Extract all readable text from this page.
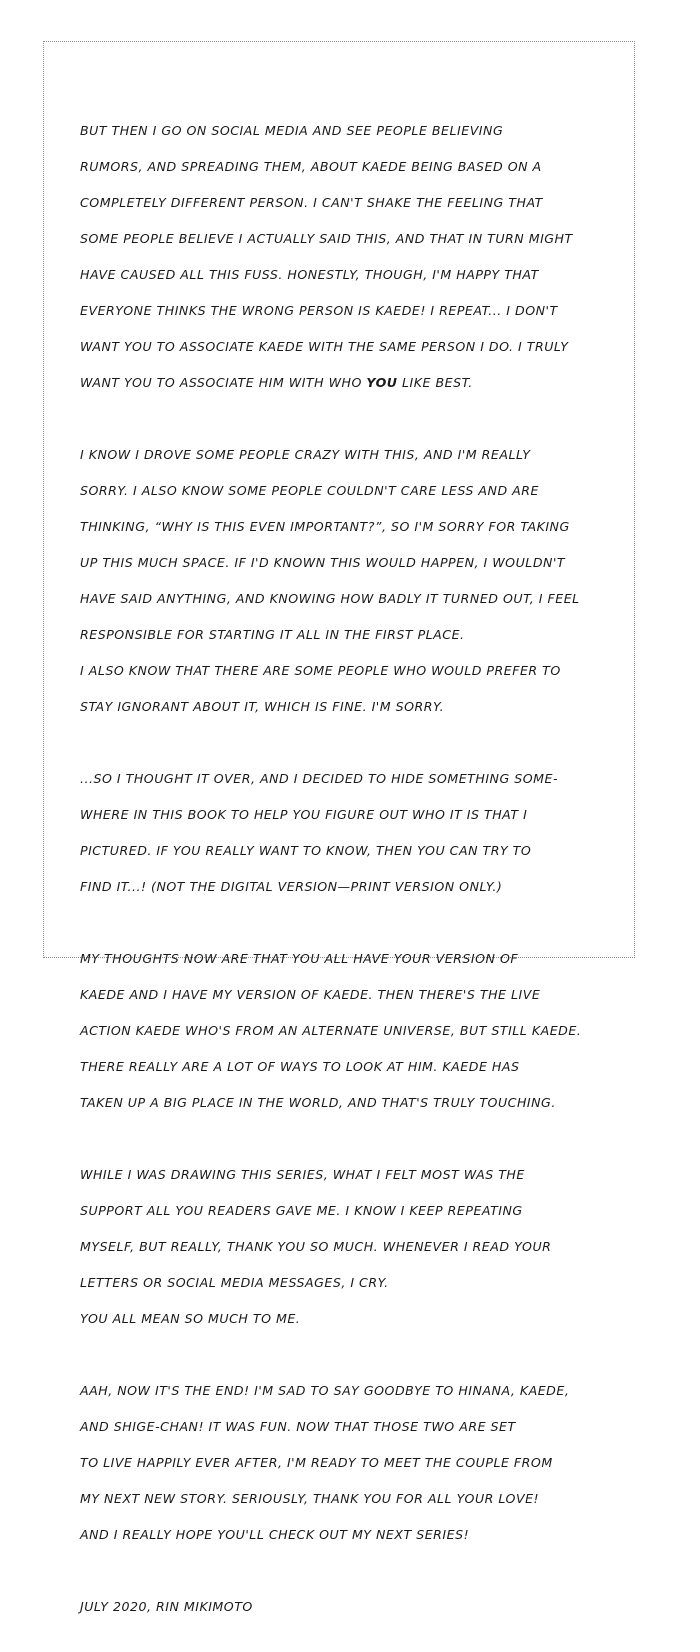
BUT THEN I GO ON SOCIAL MEDIA AND SEE PEOPLE BELIEVING

RUMORS, AND SPREADING THEM, ABOUT KAEDE BEING BASED ON A

COMPLETELY DIFFERENT PERSON. I CAN'T SHAKE THE FEELING THAT

SOME PEOPLE BELIEVE I ACTUALLY SAID THIS, AND THAT IN TURN MIGHT

HAVE CAUSED ALL THIS FUSS. HONESTLY, THOUGH, I'M HAPPY THAT

EVERYONE THINKS THE WRONG PERSON IS KAEDE! I REPEAT... I DON'T

WANT YOU TO ASSOCIATE KAEDE WITH THE SAME PERSON I DO. I TRULY

WANT YOU TO ASSOCIATE HIM WITH WHO YOU LIKE BEST.

I KNOW I DROVE SOME PEOPLE CRAZY WITH THIS, AND I'M REALLY

SORRY. I ALSO KNOW SOME PEOPLE COULDN'T CARE LESS AND ARE

THINKING, “WHY IS THIS EVEN IMPORTANT?”, SO I'M SORRY FOR TAKING

UP THIS MUCH SPACE. IF I'D KNOWN THIS WOULD HAPPEN, I WOULDN'T

HAVE SAID ANYTHING, AND KNOWING HOW BADLY IT TURNED OUT, I FEEL

RESPONSIBLE FOR STARTING IT ALL IN THE FIRST PLACE.

I ALSO KNOW THAT THERE ARE SOME PEOPLE WHO WOULD PREFER TO

STAY IGNORANT ABOUT IT, WHICH IS FINE. I'M SORRY.

...SO I THOUGHT IT OVER, AND I DECIDED TO HIDE SOMETHING SOME-

WHERE IN THIS BOOK TO HELP YOU FIGURE OUT WHO IT IS THAT I

PICTURED. IF YOU REALLY WANT TO KNOW, THEN YOU CAN TRY TO

FIND IT...! (NOT THE DIGITAL VERSION—PRINT VERSION ONLY.)

MY THOUGHTS NOW ARE THAT YOU ALL HAVE YOUR VERSION OF

KAEDE AND I HAVE MY VERSION OF KAEDE. THEN THERE'S THE LIVE

ACTION KAEDE WHO'S FROM AN ALTERNATE UNIVERSE, BUT STILL KAEDE.

THERE REALLY ARE A LOT OF WAYS TO LOOK AT HIM. KAEDE HAS

TAKEN UP A BIG PLACE IN THE WORLD, AND THAT'S TRULY TOUCHING.

WHILE I WAS DRAWING THIS SERIES, WHAT I FELT MOST WAS THE

SUPPORT ALL YOU READERS GAVE ME. I KNOW I KEEP REPEATING

MYSELF, BUT REALLY, THANK YOU SO MUCH. WHENEVER I READ YOUR

LETTERS OR SOCIAL MEDIA MESSAGES, I CRY.

YOU ALL MEAN SO MUCH TO ME.

AAH, NOW IT'S THE END! I'M SAD TO SAY GOODBYE TO HINANA, KAEDE,

AND SHIGE-CHAN! IT WAS FUN. NOW THAT THOSE TWO ARE SET

TO LIVE HAPPILY EVER AFTER, I'M READY TO MEET THE COUPLE FROM

MY NEXT NEW STORY. SERIOUSLY, THANK YOU FOR ALL YOUR LOVE!

AND I REALLY HOPE YOU'LL CHECK OUT MY NEXT SERIES!

JULY 2020, RIN MIKIMOTO
